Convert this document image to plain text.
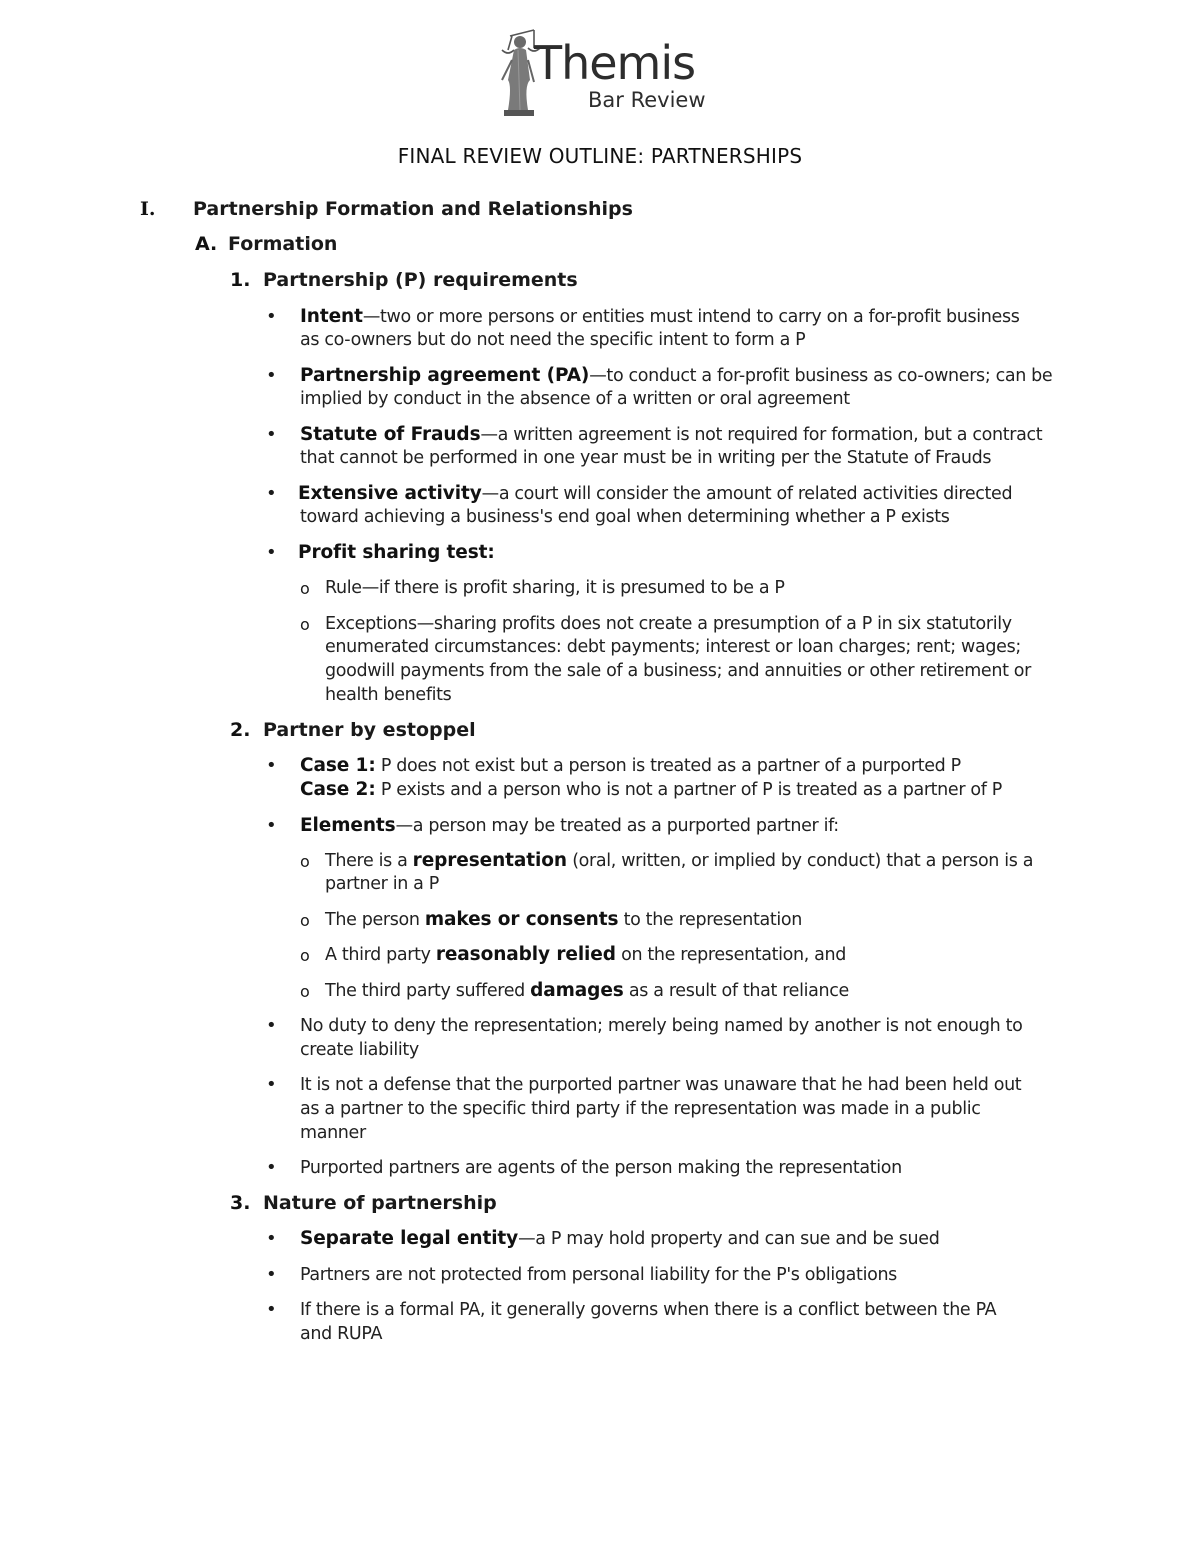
Themis
Bar Review
FINAL REVIEW OUTLINE: PARTNERSHIPS
I. Partnership Formation and Relationships
A. Formation
1. Partnership (P) requirements
• Intent—two or more persons or entities must intend to carry on a for-profit business
as co-owners but do not need the specific intent to form a P
• Partnership agreement (PA)—to conduct a for-profit business as co-owners; can be
implied by conduct in the absence of a written or oral agreement
• Statute of Frauds—a written agreement is not required for formation, but a contract
that cannot be performed in one year must be in writing per the Statute of Frauds
• Extensive activity—a court will consider the amount of related activities directed
toward achieving a business's end goal when determining whether a P exists
• Profit sharing test:
o Rule—if there is profit sharing, it is presumed to be a P
o Exceptions—sharing profits does not create a presumption of a P in six statutorily
enumerated circumstances: debt payments; interest or loan charges; rent; wages;
goodwill payments from the sale of a business; and annuities or other retirement or
health benefits
2. Partner by estoppel
• Case 1: P does not exist but a person is treated as a partner of a purported P
Case 2: P exists and a person who is not a partner of P is treated as a partner of P
• Elements—a person may be treated as a purported partner if:
o There is a representation (oral, written, or implied by conduct) that a person is a
partner in a P
o The person makes or consents to the representation
o A third party reasonably relied on the representation, and
o The third party suffered damages as a result of that reliance
• No duty to deny the representation; merely being named by another is not enough to
create liability
• It is not a defense that the purported partner was unaware that he had been held out
as a partner to the specific third party if the representation was made in a public
manner
• Purported partners are agents of the person making the representation
3. Nature of partnership
• Separate legal entity—a P may hold property and can sue and be sued
• Partners are not protected from personal liability for the P's obligations
• If there is a formal PA, it generally governs when there is a conflict between the PA
and RUPA
